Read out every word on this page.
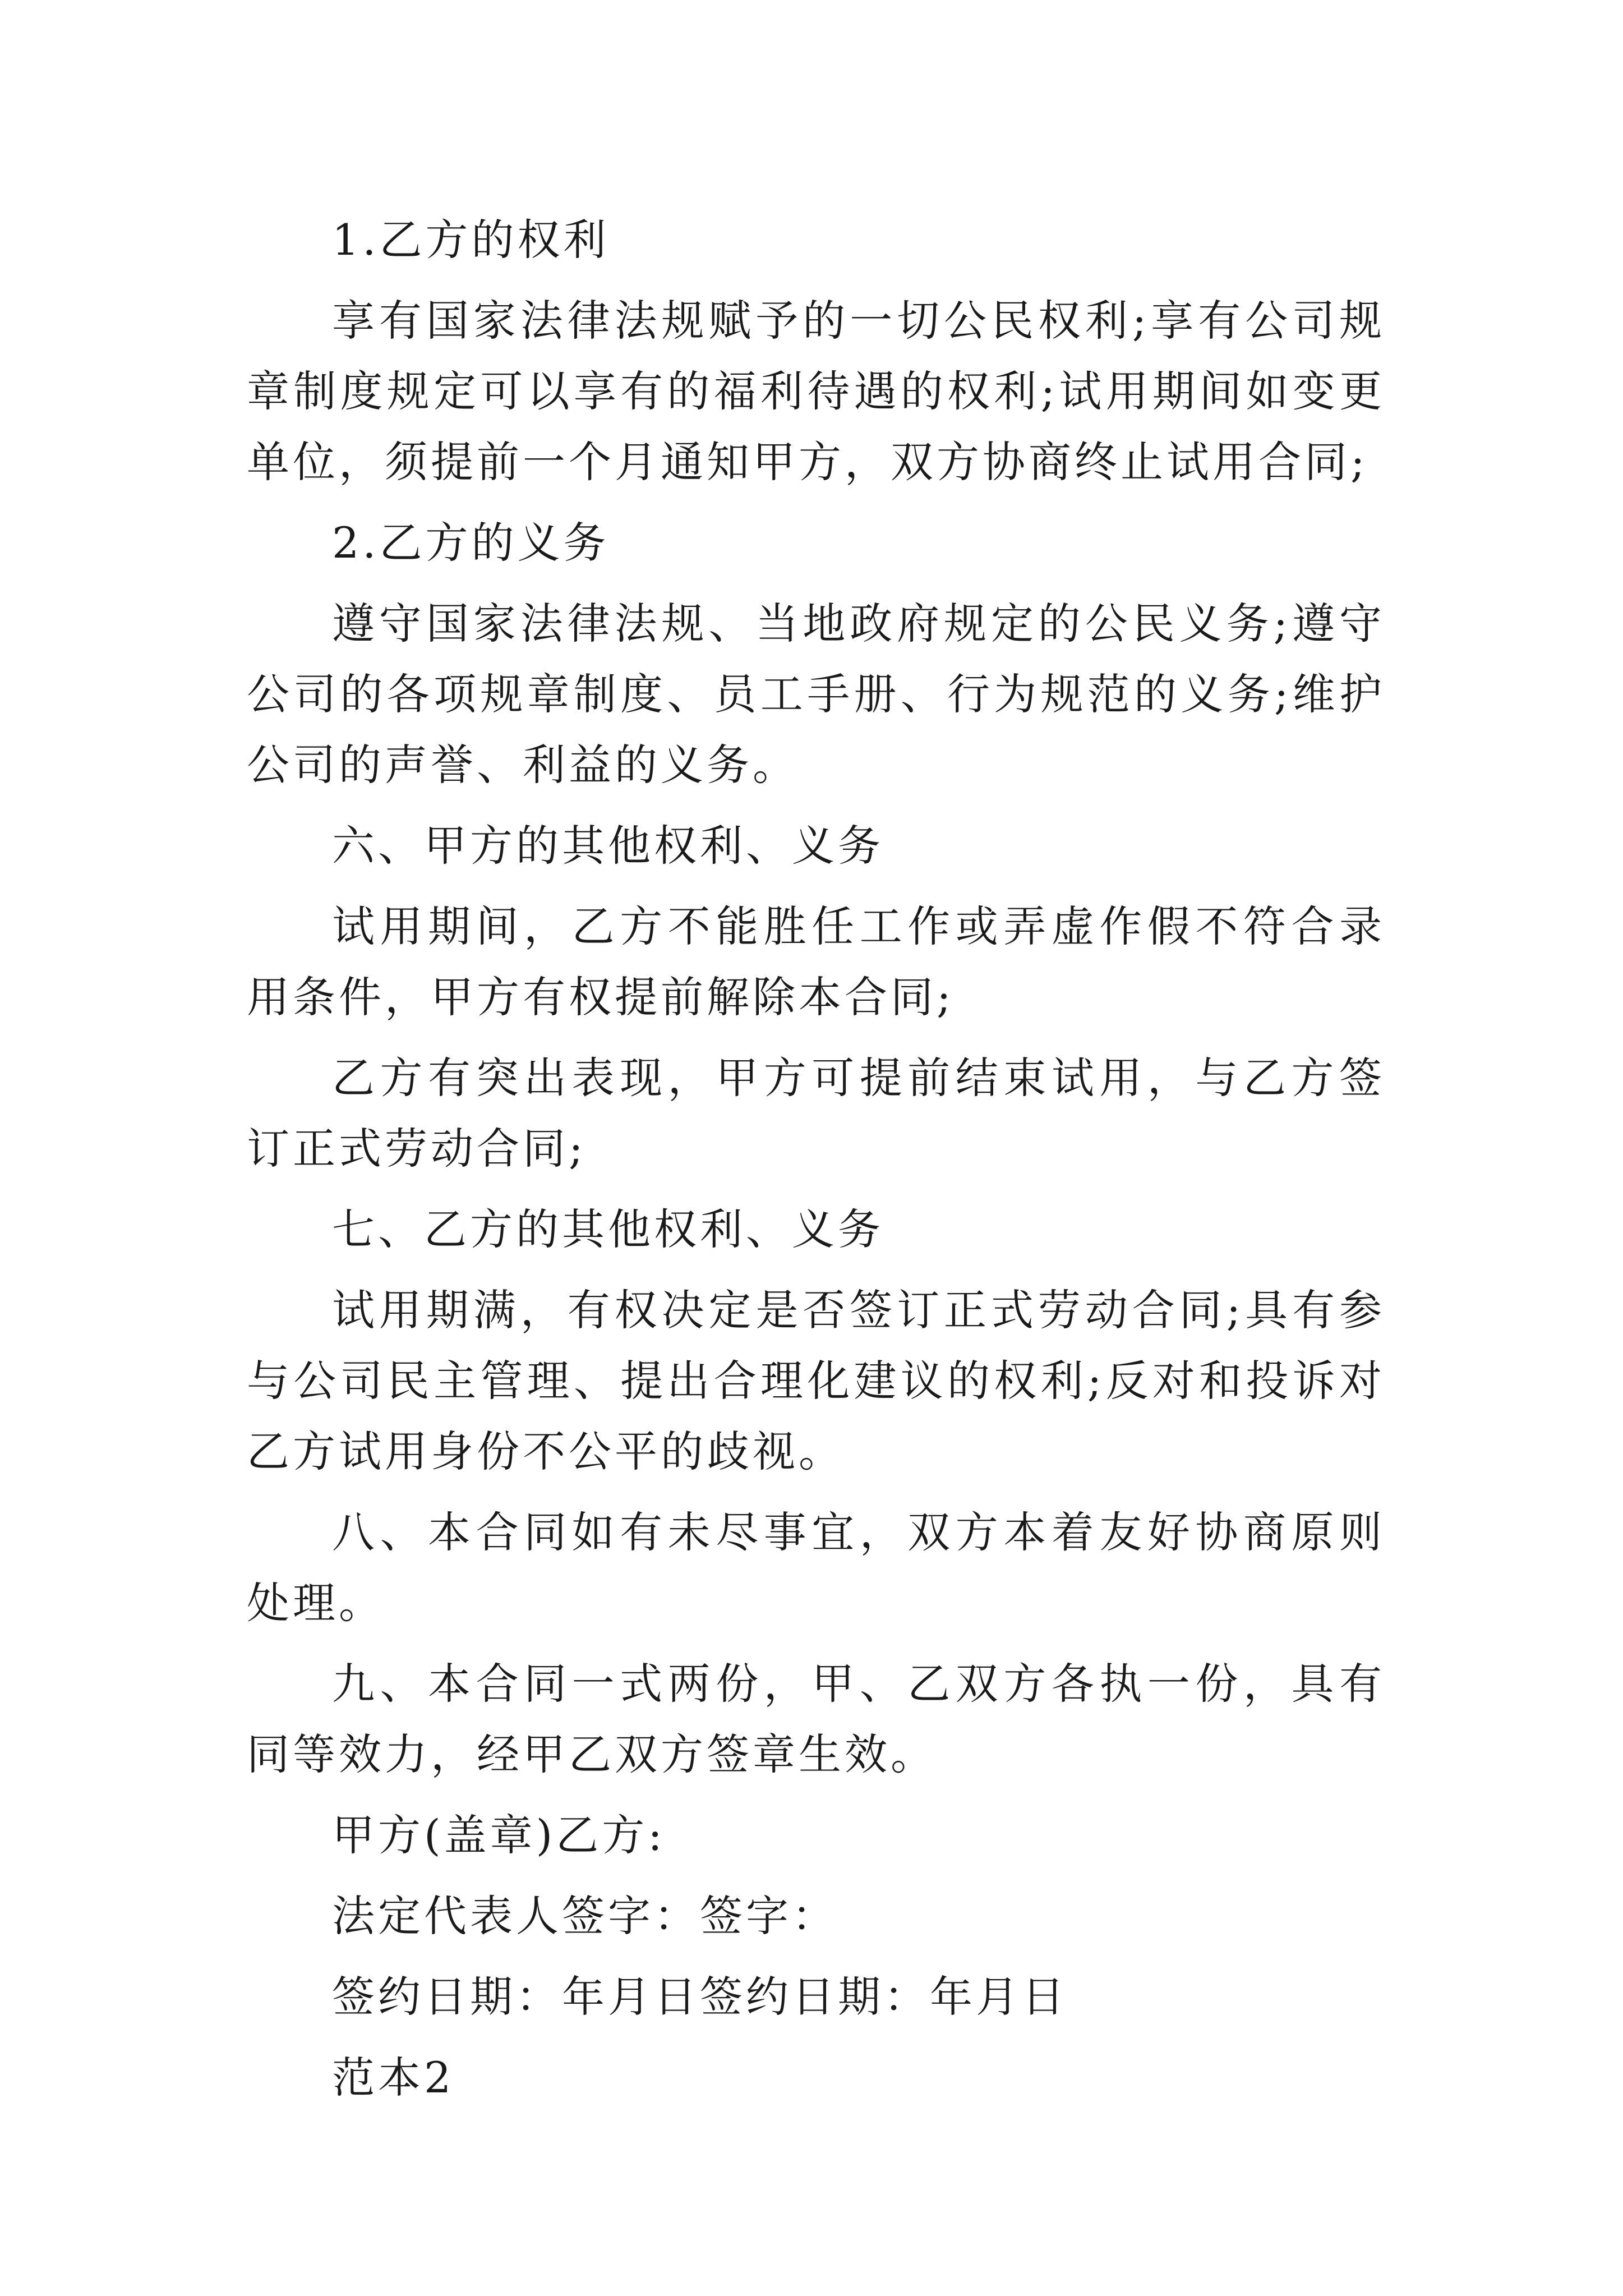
1.乙方的权利

享有国家法律法规赋予的一切公民权利;享有公司规章制度规定可以享有的福利待遇的权利;试用期间如变更单位，须提前一个月通知甲方，双方协商终止试用合同;

2.乙方的义务

遵守国家法律法规、当地政府规定的公民义务;遵守公司的各项规章制度、员工手册、行为规范的义务;维护公司的声誉、利益的义务。

六、甲方的其他权利、义务

试用期间，乙方不能胜任工作或弄虚作假不符合录用条件，甲方有权提前解除本合同;

乙方有突出表现，甲方可提前结束试用，与乙方签订正式劳动合同;

七、乙方的其他权利、义务

试用期满，有权决定是否签订正式劳动合同;具有参与公司民主管理、提出合理化建议的权利;反对和投诉对乙方试用身份不公平的歧视。

八、本合同如有未尽事宜，双方本着友好协商原则处理。

九、本合同一式两份，甲、乙双方各执一份，具有同等效力，经甲乙双方签章生效。

甲方(盖章)乙方:

法定代表人签字：签字：

签约日期：年月日签约日期：年月日

范本2
